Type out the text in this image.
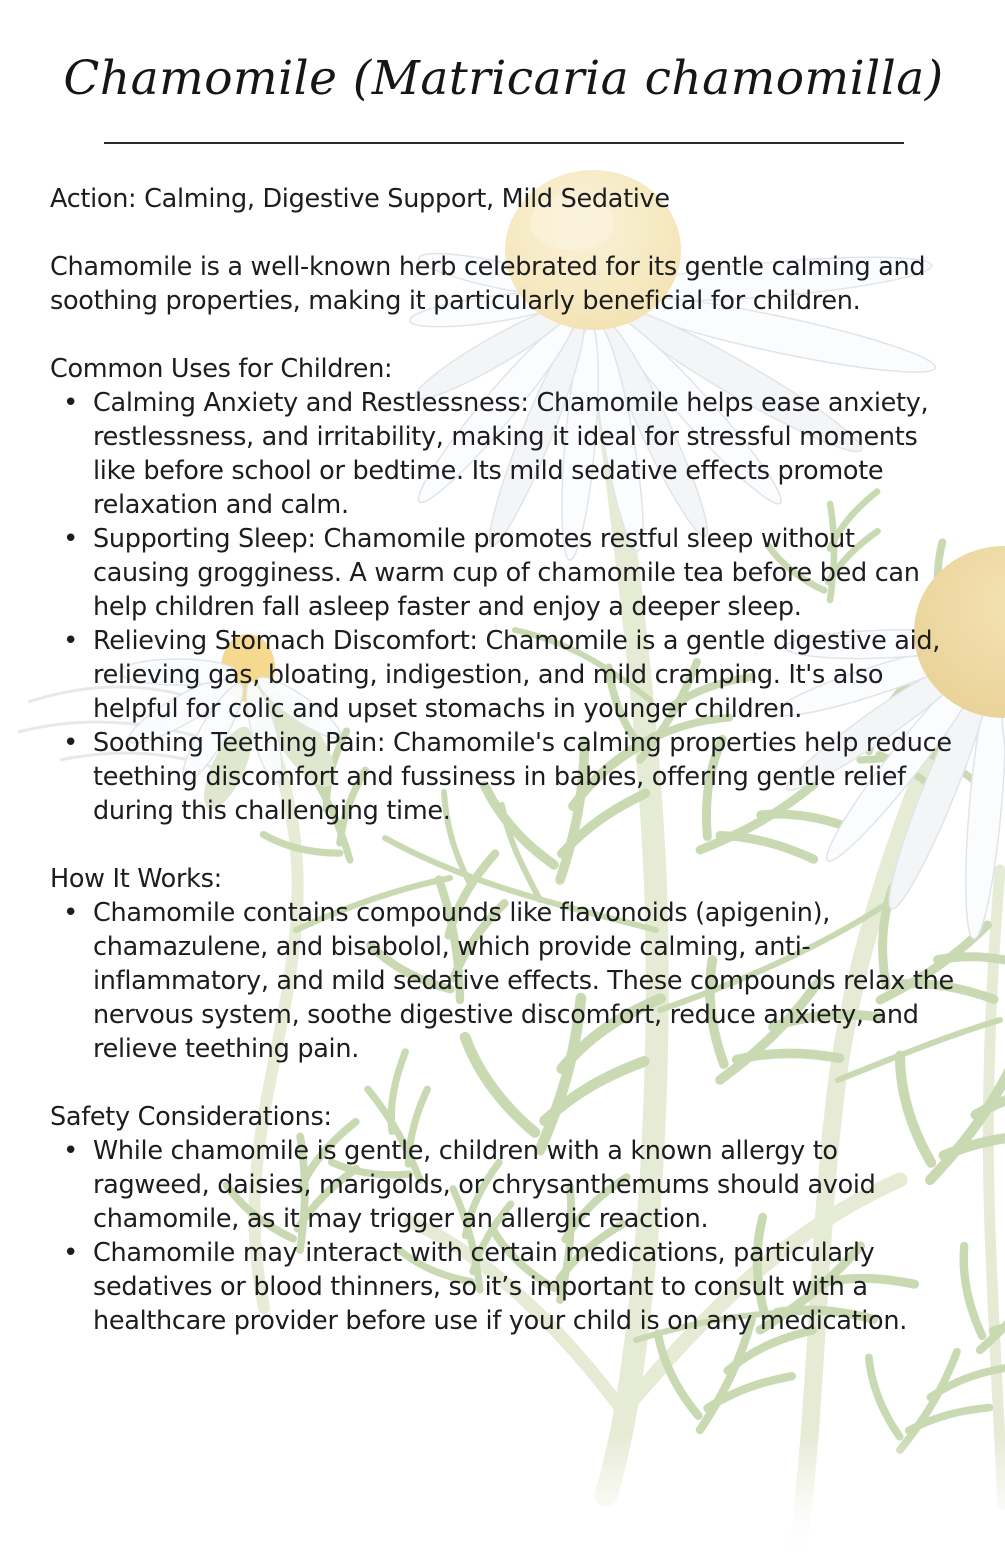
Chamomile (Matricaria chamomilla)

Action: Calming, Digestive Support, Mild Sedative

Chamomile is a well-known herb celebrated for its gentle calming and soothing properties, making it particularly beneficial for children.

Common Uses for Children:

• Calming Anxiety and Restlessness: Chamomile helps ease anxiety, restlessness, and irritability, making it ideal for stressful moments like before school or bedtime. Its mild sedative effects promote relaxation and calm.
• Supporting Sleep: Chamomile promotes restful sleep without causing grogginess. A warm cup of chamomile tea before bed can help children fall asleep faster and enjoy a deeper sleep.
• Relieving Stomach Discomfort: Chamomile is a gentle digestive aid, relieving gas, bloating, indigestion, and mild cramping. It's also helpful for colic and upset stomachs in younger children.
• Soothing Teething Pain: Chamomile's calming properties help reduce teething discomfort and fussiness in babies, offering gentle relief during this challenging time.

How It Works:

• Chamomile contains compounds like flavonoids (apigenin), chamazulene, and bisabolol, which provide calming, anti-inflammatory, and mild sedative effects. These compounds relax the nervous system, soothe digestive discomfort, reduce anxiety, and relieve teething pain.

Safety Considerations:

• While chamomile is gentle, children with a known allergy to ragweed, daisies, marigolds, or chrysanthemums should avoid chamomile, as it may trigger an allergic reaction.
• Chamomile may interact with certain medications, particularly sedatives or blood thinners, so it’s important to consult with a healthcare provider before use if your child is on any medication.
